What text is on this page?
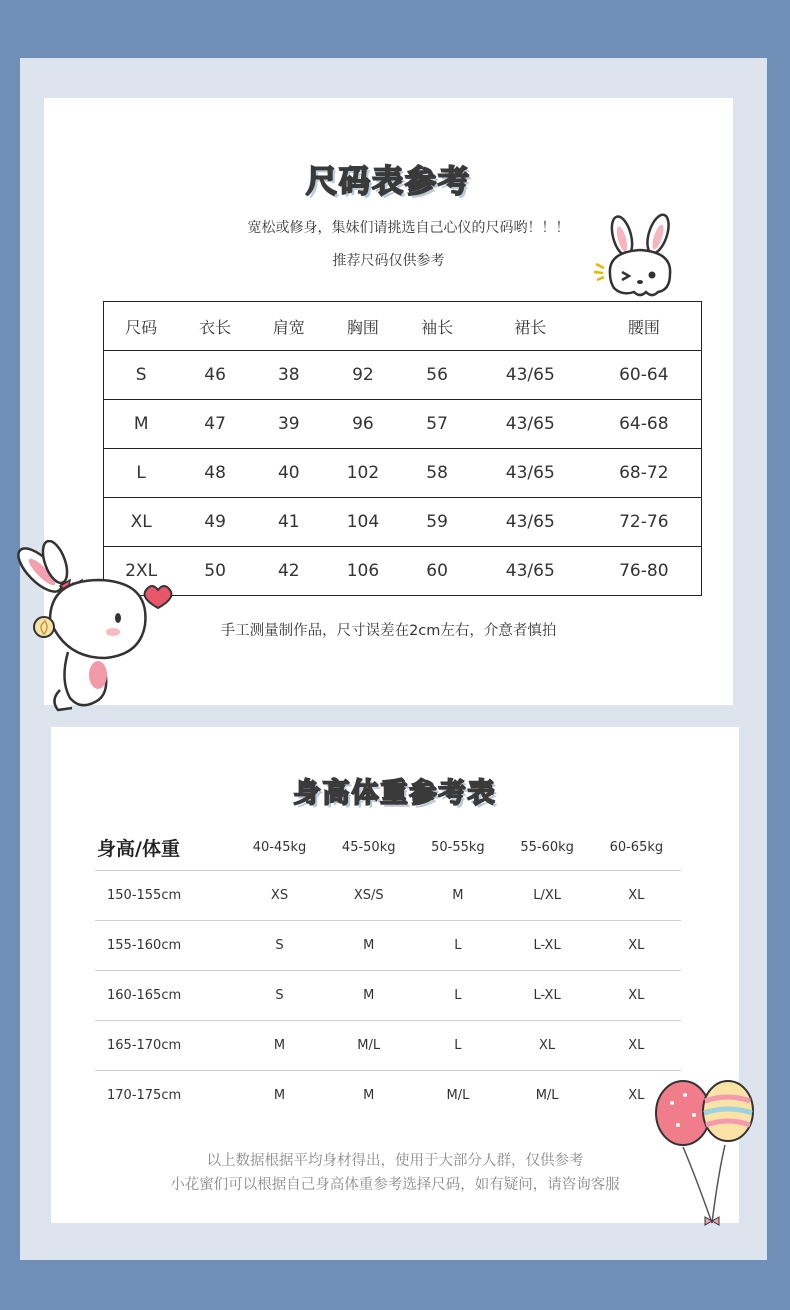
尺码表参考
宽松或修身，集妹们请挑选自己心仪的尺码哟！！！
推荐尺码仅供参考
尺码	衣长	肩宽	胸围	袖长	裙长	腰围
S	46	38	92	56	43/65	60-64
M	47	39	96	57	43/65	64-68
L	48	40	102	58	43/65	68-72
XL	49	41	104	59	43/65	72-76
2XL	50	42	106	60	43/65	76-80
手工测量制作品，尺寸误差在2cm左右，介意者慎拍
身高体重参考表
身高/体重	40-45kg	45-50kg	50-55kg	55-60kg	60-65kg
150-155cm	XS	XS/S	M	L/XL	XL
155-160cm	S	M	L	L-XL	XL
160-165cm	S	M	L	L-XL	XL
165-170cm	M	M/L	L	XL	XL
170-175cm	M	M	M/L	M/L	XL
以上数据根据平均身材得出，使用于大部分人群，仅供参考
小花蜜们可以根据自己身高体重参考选择尺码，如有疑问，请咨询客服
